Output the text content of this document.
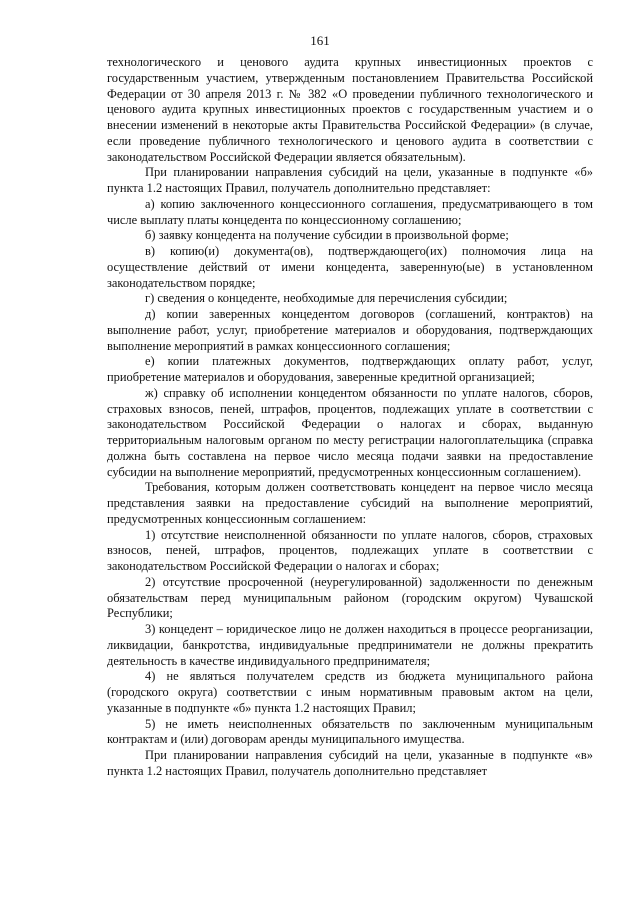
161

технологического и ценового аудита крупных инвестиционных проектов с государственным участием, утвержденным постановлением Правительства Российской Федерации от 30 апреля 2013 г. № 382 «О проведении публичного технологического и ценового аудита крупных инвестиционных проектов с государственным участием и о внесении изменений в некоторые акты Правительства Российской Федерации» (в случае, если проведение публичного технологического и ценового аудита в соответствии с законодательством Российской Федерации является обязательным).

При планировании направления субсидий на цели, указанные в подпункте «б» пункта 1.2 настоящих Правил, получатель дополнительно представляет:

а) копию заключенного концессионного соглашения, предусматривающего в том числе выплату платы концедента по концессионному соглашению;

б) заявку концедента на получение субсидии в произвольной форме;

в) копию(и) документа(ов), подтверждающего(их) полномочия лица на осуществление действий от имени концедента, заверенную(ые) в установленном законодательством порядке;

г) сведения о концеденте, необходимые для перечисления субсидии;

д) копии заверенных концедентом договоров (соглашений, контрактов) на выполнение работ, услуг, приобретение материалов и оборудования, подтверждающих выполнение мероприятий в рамках концессионного соглашения;

е) копии платежных документов, подтверждающих оплату работ, услуг, приобретение материалов и оборудования, заверенные кредитной организацией;

ж) справку об исполнении концедентом обязанности по уплате налогов, сборов, страховых взносов, пеней, штрафов, процентов, подлежащих уплате в соответствии с законодательством Российской Федерации о налогах и сборах, выданную территориальным налоговым органом по месту регистрации налогоплательщика (справка должна быть составлена на первое число месяца подачи заявки на предоставление субсидии на выполнение мероприятий, предусмотренных концессионным соглашением).

Требования, которым должен соответствовать концедент на первое число месяца представления заявки на предоставление субсидий на выполнение мероприятий, предусмотренных концессионным соглашением:

1) отсутствие неисполненной обязанности по уплате налогов, сборов, страховых взносов, пеней, штрафов, процентов, подлежащих уплате в соответствии с законодательством Российской Федерации о налогах и сборах;

2) отсутствие просроченной (неурегулированной) задолженности по денежным обязательствам перед муниципальным районом (городским округом) Чувашской Республики;

3) концедент – юридическое лицо не должен находиться в процессе реорганизации, ликвидации, банкротства, индивидуальные предприниматели не должны прекратить деятельность в качестве индивидуального предпринимателя;

4) не являться получателем средств из бюджета муниципального района (городского округа) соответствии с иным нормативным правовым актом на цели, указанные в подпункте «б» пункта 1.2 настоящих Правил;

5) не иметь неисполненных обязательств по заключенным муниципальным контрактам и (или) договорам аренды муниципального имущества.

При планировании направления субсидий на цели, указанные в подпункте «в» пункта 1.2 настоящих Правил, получатель дополнительно представляет
